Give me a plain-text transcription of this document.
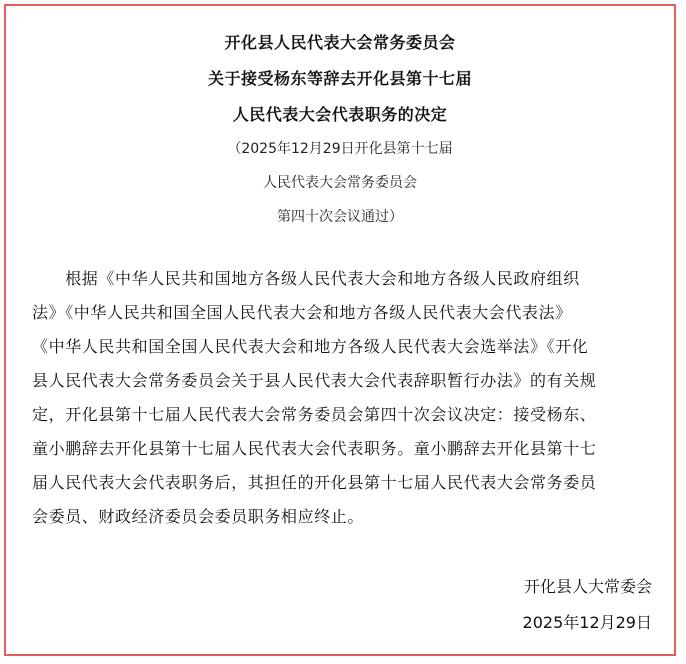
开化县人民代表大会常务委员会
关于接受杨东等辞去开化县第十七届
人民代表大会代表职务的决定
（2025年12月29日开化县第十七届
人民代表大会常务委员会
第四十次会议通过）
　　根据《中华人民共和国地方各级人民代表大会和地方各级人民政府组织
法》《中华人民共和国全国人民代表大会和地方各级人民代表大会代表法》
《中华人民共和国全国人民代表大会和地方各级人民代表大会选举法》《开化
县人民代表大会常务委员会关于县人民代表大会代表辞职暂行办法》的有关规
定，开化县第十七届人民代表大会常务委员会第四十次会议决定：接受杨东、
童小鹏辞去开化县第十七届人民代表大会代表职务。童小鹏辞去开化县第十七
届人民代表大会代表职务后，其担任的开化县第十七届人民代表大会常务委员
会委员、财政经济委员会委员职务相应终止。
开化县人大常委会
2025年12月29日
